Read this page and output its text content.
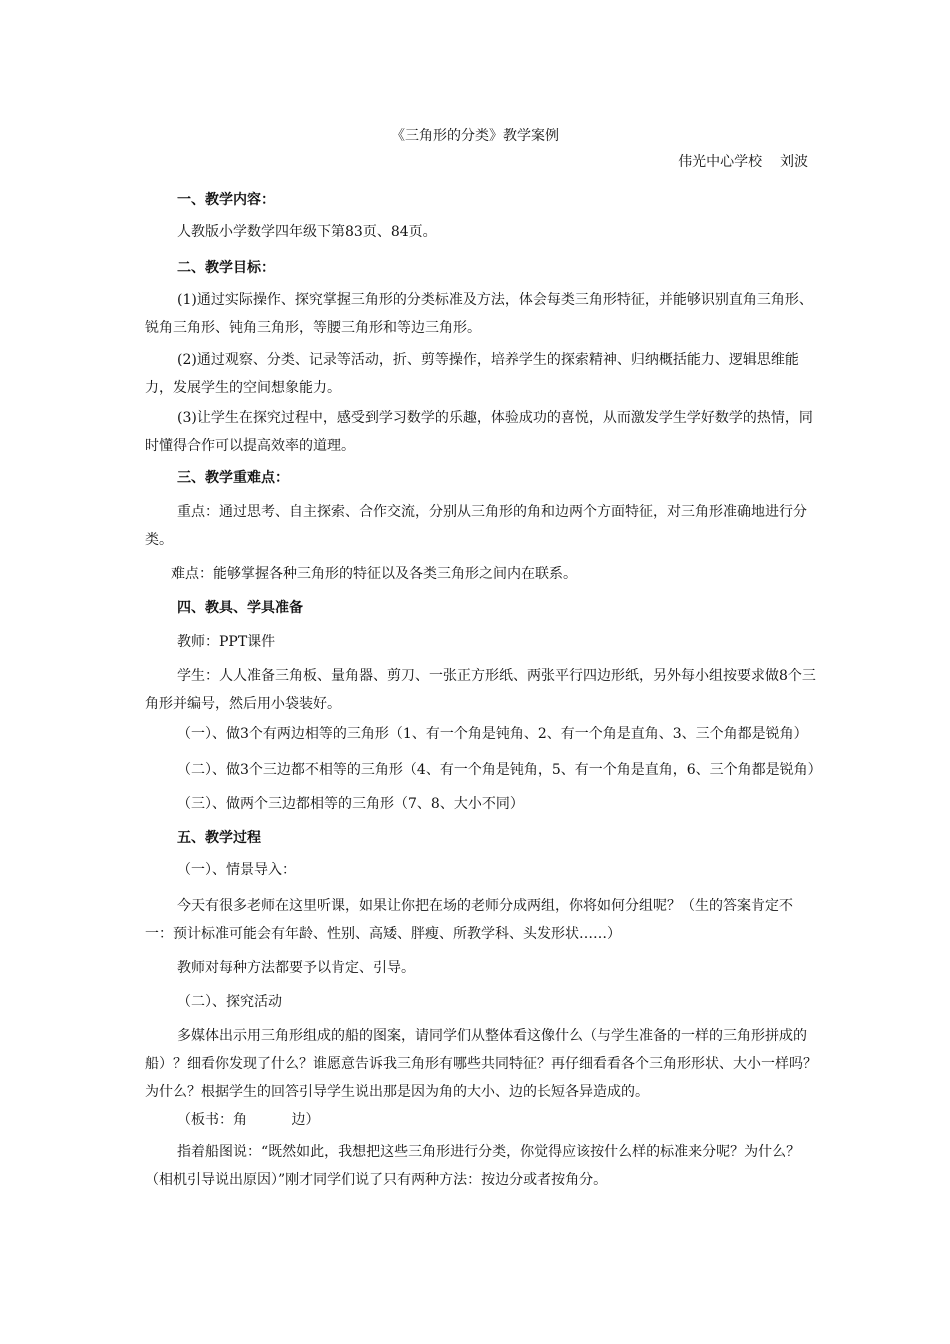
《三角形的分类》教学案例
伟光中心学校    刘波
一、教学内容：
人教版小学数学四年级下第83页、84页。
二、教学目标：
(1)通过实际操作、探究掌握三角形的分类标准及方法，体会每类三角形特征，并能够识别直角三角形、锐角三角形、钝角三角形，等腰三角形和等边三角形。
(2)通过观察、分类、记录等活动，折、剪等操作，培养学生的探索精神、归纳概括能力、逻辑思维能力，发展学生的空间想象能力。
(3)让学生在探究过程中，感受到学习数学的乐趣，体验成功的喜悦，从而激发学生学好数学的热情，同时懂得合作可以提高效率的道理。
三、教学重难点：
重点：通过思考、自主探索、合作交流，分别从三角形的角和边两个方面特征，对三角形准确地进行分类。
难点：能够掌握各种三角形的特征以及各类三角形之间内在联系。
四、教具、学具准备
教师：PPT课件
学生：人人准备三角板、量角器、剪刀、一张正方形纸、两张平行四边形纸，另外每小组按要求做8个三角形并编号，然后用小袋装好。
（一）、做3个有两边相等的三角形（1、有一个角是钝角、2、有一个角是直角、3、三个角都是锐角）
（二）、做3个三边都不相等的三角形（4、有一个角是钝角，5、有一个角是直角，6、三个角都是锐角）
（三）、做两个三边都相等的三角形（7、8、大小不同）
五、教学过程
（一）、情景导入：
今天有很多老师在这里听课，如果让你把在场的老师分成两组，你将如何分组呢？（生的答案肯定不一：预计标准可能会有年龄、性别、高矮、胖瘦、所教学科、头发形状……）
教师对每种方法都要予以肯定、引导。
（二）、探究活动
多媒体出示用三角形组成的船的图案，请同学们从整体看这像什么（与学生准备的一样的三角形拼成的船）？细看你发现了什么？谁愿意告诉我三角形有哪些共同特征？再仔细看看各个三角形形状、大小一样吗？为什么？根据学生的回答引导学生说出那是因为角的大小、边的长短各异造成的。
（板书：角          边）
指着船图说：“既然如此，我想把这些三角形进行分类，你觉得应该按什么样的标准来分呢？为什么？（相机引导说出原因）”刚才同学们说了只有两种方法：按边分或者按角分。
